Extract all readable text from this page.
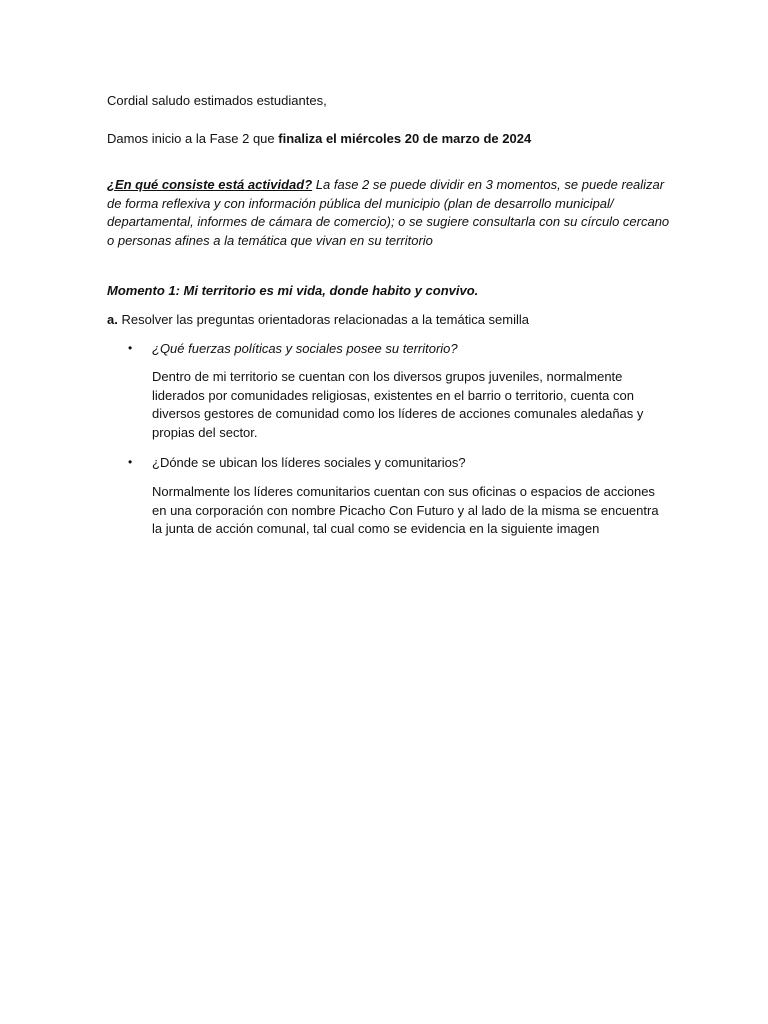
Cordial saludo estimados estudiantes,
Damos inicio a la Fase 2 que finaliza el miércoles 20 de marzo de 2024
¿En qué consiste está actividad? La fase 2 se puede dividir en 3 momentos, se puede realizar de forma reflexiva y con información pública del municipio (plan de desarrollo municipal/ departamental, informes de cámara de comercio); o se sugiere consultarla con su círculo cercano o personas afines a la temática que vivan en su territorio
Momento 1: Mi territorio es mi vida, donde habito y convivo.
a. Resolver las preguntas orientadoras relacionadas a la temática semilla
• ¿Qué fuerzas políticas y sociales posee su territorio?
Dentro de mi territorio se cuentan con los diversos grupos juveniles, normalmente liderados por comunidades religiosas, existentes en el barrio o territorio, cuenta con diversos gestores de comunidad como los líderes de acciones comunales aledañas y propias del sector.
• ¿Dónde se ubican los líderes sociales y comunitarios?
Normalmente los líderes comunitarios cuentan con sus oficinas o espacios de acciones en una corporación con nombre Picacho Con Futuro y al lado de la misma se encuentra la junta de acción comunal, tal cual como se evidencia en la siguiente imagen
